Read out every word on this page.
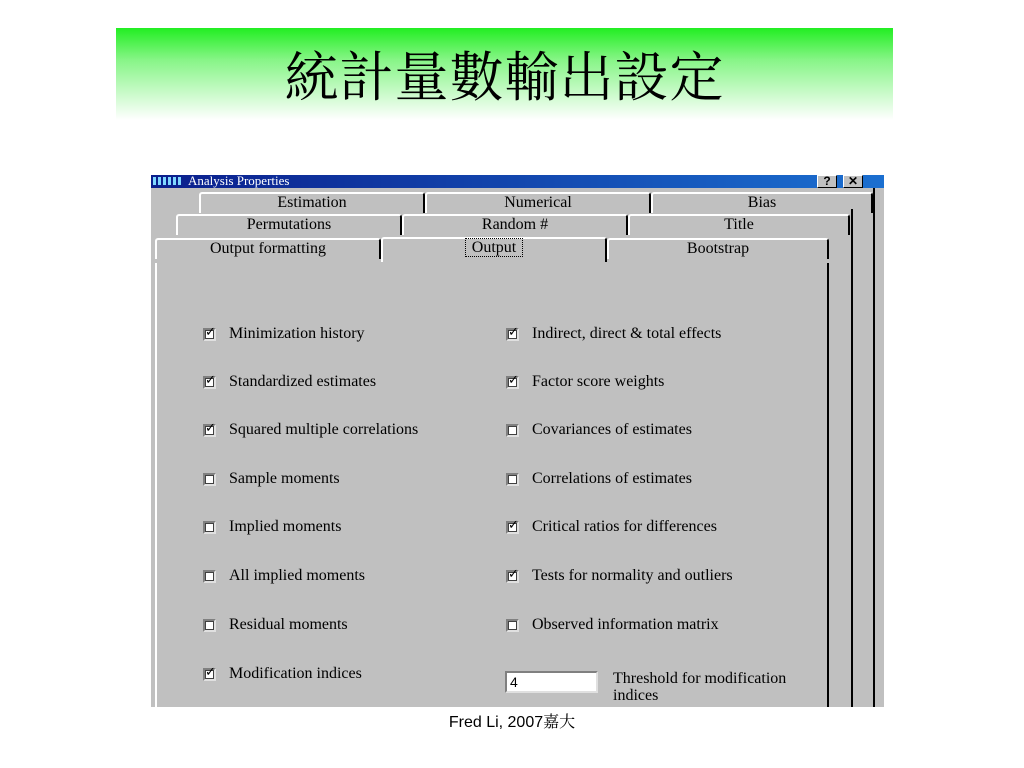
統計量數輸出設定
Analysis Properties	?	✕
Estimation	Numerical	Bias
Permutations	Random #	Title
Output formatting	Output	Bootstrap
✓ Minimization history
✓ Standardized estimates
✓ Squared multiple correlations
Sample moments
Implied moments
All implied moments
Residual moments
✓ Modification indices
✓ Indirect, direct & total effects
✓ Factor score weights
Covariances of estimates
Correlations of estimates
✓ Critical ratios for differences
✓ Tests for normality and outliers
Observed information matrix
4
Threshold for modification indices
Fred Li, 2007嘉大
